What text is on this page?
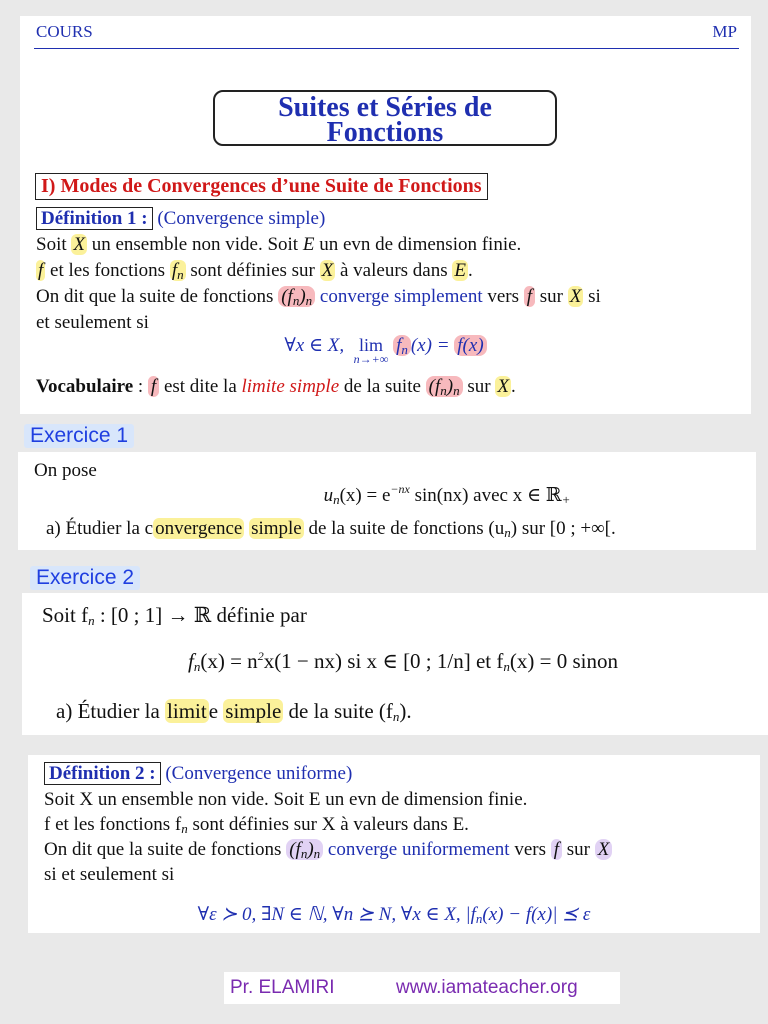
COURS	MP
Suites et Séries de
Fonctions
I) Modes de Convergences d’une Suite de Fonctions
Définition 1 : (Convergence simple)
Soit X un ensemble non vide. Soit E un evn de dimension finie.
f et les fonctions $f_n$ sont définies sur X à valeurs dans E .
On dit que la suite de fonctions $(f_n)_n$ converge simplement vers f sur X si
et seulement si
∀x ∈ X, lim
n→+∞
$f_n$ (x) = f(x)
Vocabulaire : f est dite la limite simple de la suite $(f_n)_n$ sur X .
Exercice 1
On pose
$u_n(x) = e^{-nx}$ sin(nx) avec x ∈ ℝ$_+$
a) Étudier la c onvergence simple de la suite de fonctions $(u_n)$ sur [0 ; +∞[.
Exercice 2
Soit $f_n$ : [0 ; 1] → ℝ définie par
$f_n(x) = n^2x(1 - nx)$ si x ∈ [0 ; 1/n] et $f_n(x) = 0$ sinon
a) Étudier la limite simple de la suite $(f_n)$.
Définition 2 : (Convergence uniforme)
Soit X un ensemble non vide. Soit E un evn de dimension finie.
f et les fonctions $f_n$ sont définies sur X à valeurs dans E.
On dit que la suite de fonctions $(f_n)_n$ converge uniformement vers f sur X
si et seulement si
∀ε ≻ 0, ∃N ∈ ℕ, ∀n ⪰ N, ∀x ∈ X, $|f_n(x) - f(x)|$ ⪯ ε
Pr. ELAMIRI	www.iamateacher.org
